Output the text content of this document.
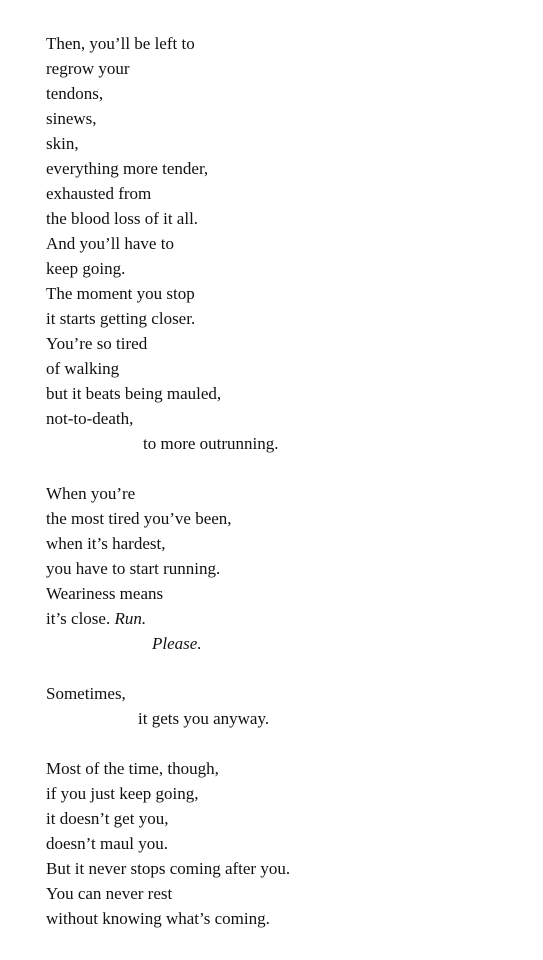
Then, you’ll be left to
regrow your
tendons,
sinews,
skin,
everything more tender,
exhausted from
the blood loss of it all.
And you’ll have to
keep going.
The moment you stop
it starts getting closer.
You’re so tired
of walking
but it beats being mauled,
not-to-death,
to more outrunning.
When you’re
the most tired you’ve been,
when it’s hardest,
you have to start running.
Weariness means
it’s close. Run.
Please.
Sometimes,
it gets you anyway.
Most of the time, though,
if you just keep going,
it doesn’t get you,
doesn’t maul you.
But it never stops coming after you.
You can never rest
without knowing what’s coming.
